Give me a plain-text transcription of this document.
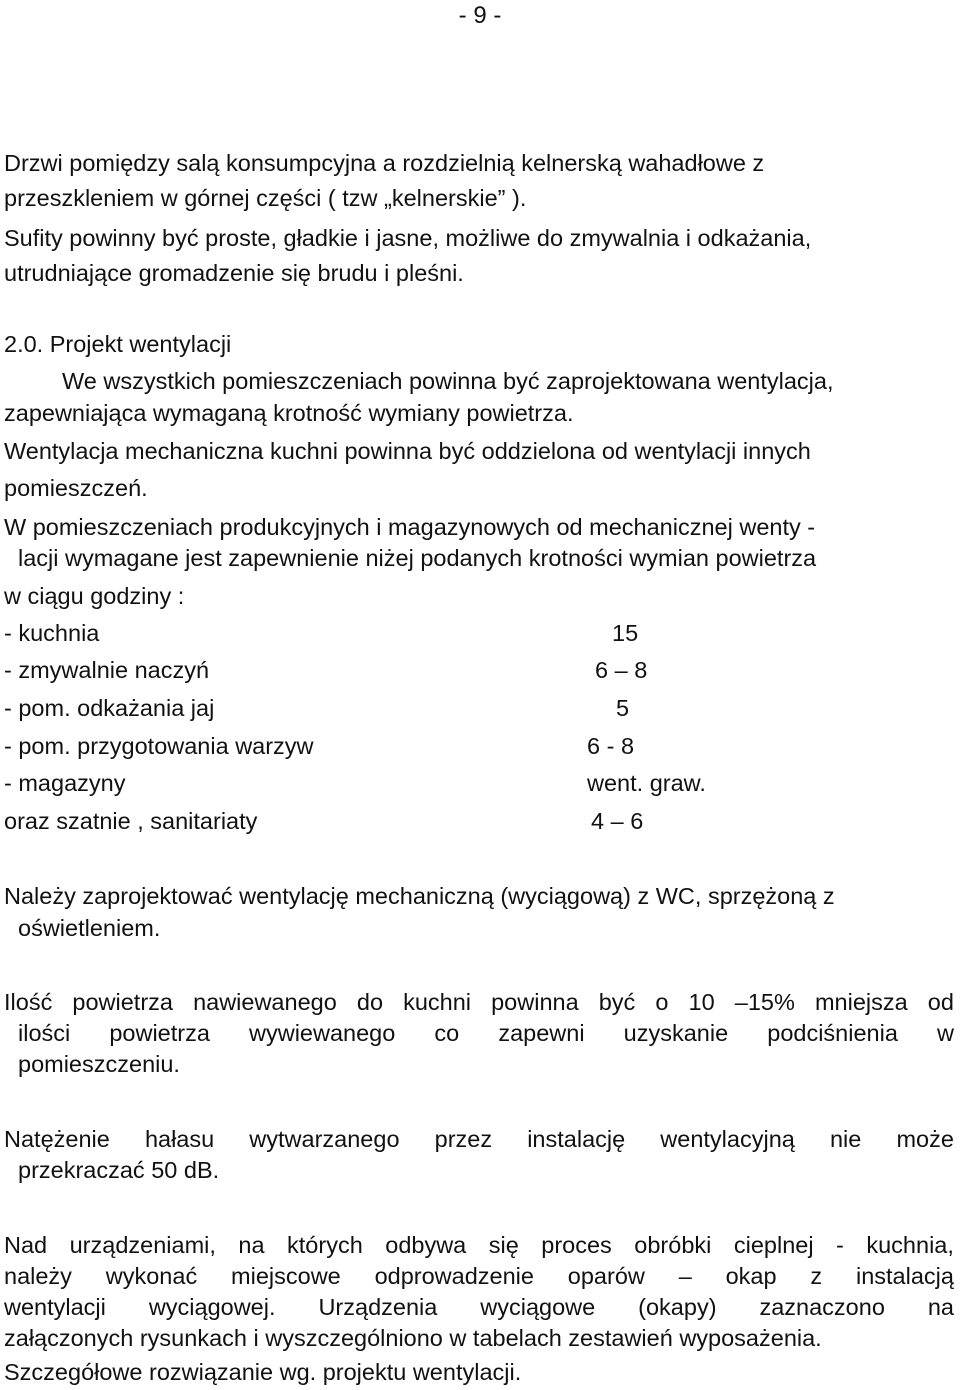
- 9 -
Drzwi pomiędzy salą konsumpcyjna a rozdzielnią kelnerską wahadłowe z
przeszkleniem w górnej części ( tzw „kelnerskie” ).
Sufity powinny być proste, gładkie i jasne, możliwe do zmywalnia i odkażania,
utrudniające gromadzenie się brudu i pleśni.
2.0. Projekt wentylacji
We wszystkich pomieszczeniach powinna być zaprojektowana wentylacja,
zapewniająca wymaganą krotność wymiany powietrza.
Wentylacja mechaniczna kuchni powinna być oddzielona od wentylacji innych
pomieszczeń.
W pomieszczeniach produkcyjnych i magazynowych od mechanicznej wenty -
lacji wymagane jest zapewnienie niżej podanych krotności wymian powietrza
w ciągu godziny :
- kuchnia	15
- zmywalnie naczyń	6 – 8
- pom. odkażania jaj	5
- pom. przygotowania warzyw	6 - 8
- magazyny	went. graw.
oraz szatnie , sanitariaty	4 – 6
Należy zaprojektować wentylację mechaniczną (wyciągową) z WC, sprzężoną z
oświetleniem.
Ilość powietrza nawiewanego do kuchni powinna być o 10 –15% mniejsza od
ilości powietrza wywiewanego co zapewni uzyskanie podciśnienia w
pomieszczeniu.
Natężenie hałasu wytwarzanego przez instalację wentylacyjną nie może
przekraczać 50 dB.
Nad urządzeniami, na których odbywa się proces obróbki cieplnej - kuchnia,
należy wykonać miejscowe odprowadzenie oparów – okap z instalacją
wentylacji wyciągowej. Urządzenia wyciągowe (okapy) zaznaczono na
załączonych rysunkach i wyszczególniono w tabelach zestawień wyposażenia.
Szczegółowe rozwiązanie wg. projektu wentylacji.
